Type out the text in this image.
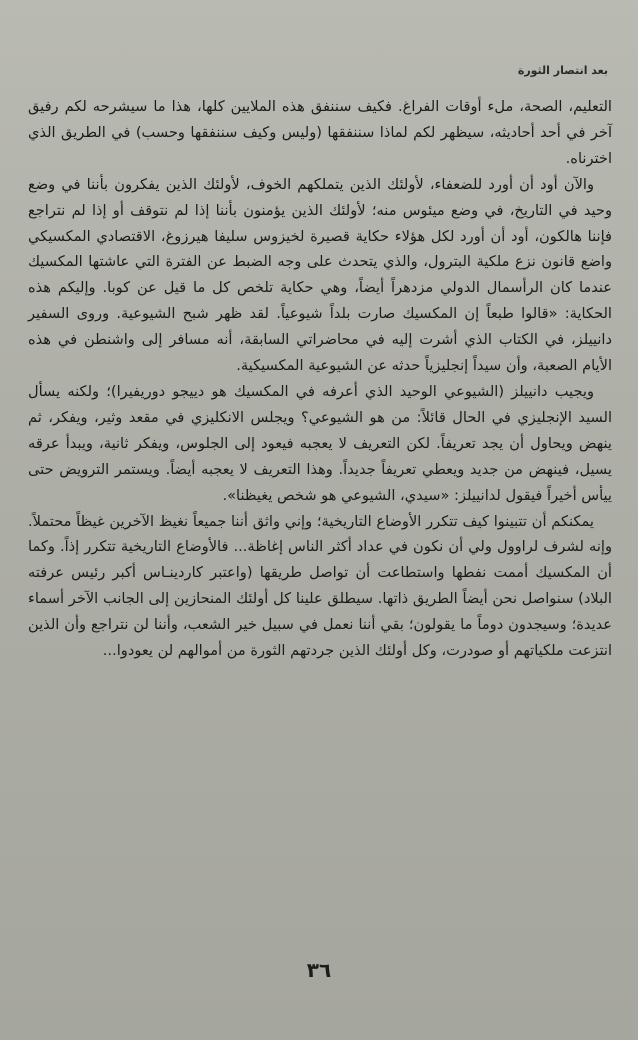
بعد انتصار الثورة

التعليم، الصحة، ملء أوقات الفراغ. فكيف سننفق هذه الملايين كلها، هذا ما سيشرحه لكم رفيق آخر في أحد أحاديثه، سيظهر لكم لماذا سننفقها (وليس وكيف سننفقها وحسب) في الطريق الذي اخترناه.

والآن أود أن أورد للضعفاء، لأولئك الذين يتملكهم الخوف، لأولئك الذين يفكرون بأننا في وضع وحيد في التاريخ، في وضع ميئوس منه؛ لأولئك الذين يؤمنون بأننا إذا لم نتوقف أو إذا لم نتراجع فإننا هالكون، أود أن أورد لكل هؤلاء حكاية قصيرة لخيزوس سليفا هيرزوغ، الاقتصادي المكسيكي واضع قانون نزع ملكية البترول، والذي يتحدث على وجه الضبط عن الفترة التي عاشتها المكسيك عندما كان الرأسمال الدولي مزدهراً أيضاً، وهي حكاية تلخص كل ما قيل عن كوبا. وإليكم هذه الحكاية: «قالوا طبعاً إن المكسيك صارت بلداً شيوعياً. لقد ظهر شبح الشيوعية. وروى السفير دانييلز، في الكتاب الذي أشرت إليه في محاضراتي السابقة، أنه مسافر إلى واشنطن في هذه الأيام الصعبة، وأن سيداً إنجليزياً حدثه عن الشيوعية المكسيكية.

ويجيب دانييلز (الشيوعي الوحيد الذي أعرفه في المكسيك هو دييجو دوريفيرا)؛ ولكنه يسأل السيد الإنجليزي في الحال قائلاً: من هو الشيوعي؟ ويجلس الانكليزي في مقعد وثير، ويفكر، ثم ينهض ويحاول أن يجد تعريفاً. لكن التعريف لا يعجبه فيعود إلى الجلوس، ويفكر ثانية، ويبدأ عرقه يسيل، فينهض من جديد ويعطي تعريفاً جديداً. وهذا التعريف لا يعجبه أيضاً. ويستمر الترويض حتى ييأس أخيراً فيقول لدانييلز: «سيدي، الشيوعي هو شخص يغيظنا».

يمكنكم أن تتبينوا كيف تتكرر الأوضاع التاريخية؛ وإني واثق أننا جميعاً نغيظ الآخرين غيظاً محتملاً. وإنه لشرف لراوول ولي أن نكون في عداد أكثر الناس إغاظة... فالأوضاع التاريخية تتكرر إذاً. وكما أن المكسيك أممت نفطها واستطاعت أن تواصل طريقها (واعتبر كاردينـاس أكبر رئيس عرفته البلاد) سنواصل نحن أيضاً الطريق ذاتها. سيطلق علينا كل أولئك المنحازين إلى الجانب الآخر أسماء عديدة؛ وسيجدون دوماً ما يقولون؛ بقي أننا نعمل في سبيل خير الشعب، وأننا لن نتراجع وأن الذين انتزعت ملكياتهم أو صودرت، وكل أولئك الذين جردتهم الثورة من أموالهم لن يعودوا...

٣٦
